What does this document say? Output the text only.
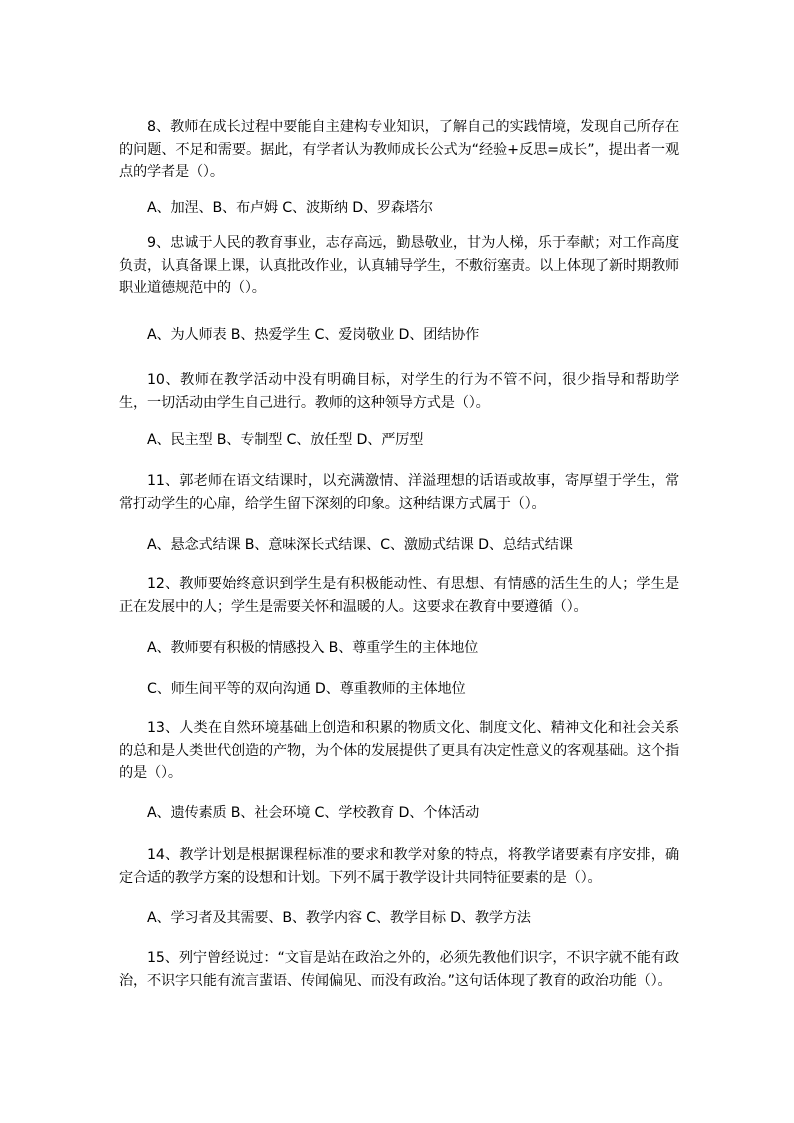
8、教师在成长过程中要能自主建构专业知识，了解自己的实践情境，发现自己所存在的问题、不足和需要。据此，有学者认为教师成长公式为“经验+反思=成长”，提出者一观点的学者是（）。

A、加涅、B、布卢姆 C、波斯纳 D、罗森塔尔

9、忠诚于人民的教育事业，志存高远，勤恳敬业，甘为人梯，乐于奉献；对工作高度负责，认真备课上课，认真批改作业，认真辅导学生，不敷衍塞责。以上体现了新时期教师职业道德规范中的（）。

A、为人师表 B、热爱学生 C、爱岗敬业 D、团结协作

10、教师在教学活动中没有明确目标，对学生的行为不管不问，很少指导和帮助学生，一切活动由学生自己进行。教师的这种领导方式是（）。

A、民主型 B、专制型 C、放任型 D、严厉型

11、郭老师在语文结课时，以充满激情、洋溢理想的话语或故事，寄厚望于学生，常常打动学生的心扉，给学生留下深刻的印象。这种结课方式属于（）。

A、悬念式结课 B、意味深长式结课、C、激励式结课 D、总结式结课

12、教师要始终意识到学生是有积极能动性、有思想、有情感的活生生的人；学生是正在发展中的人；学生是需要关怀和温暖的人。这要求在教育中要遵循（）。

A、教师要有积极的情感投入 B、尊重学生的主体地位

C、师生间平等的双向沟通 D、尊重教师的主体地位

13、人类在自然环境基础上创造和积累的物质文化、制度文化、精神文化和社会关系的总和是人类世代创造的产物，为个体的发展提供了更具有决定性意义的客观基础。这个指的是（）。

A、遗传素质 B、社会环境 C、学校教育 D、个体活动

14、教学计划是根据课程标准的要求和教学对象的特点，将教学诸要素有序安排，确定合适的教学方案的设想和计划。下列不属于教学设计共同特征要素的是（）。

A、学习者及其需要、B、教学内容 C、教学目标 D、教学方法

15、列宁曾经说过：“文盲是站在政治之外的，必须先教他们识字，不识字就不能有政治，不识字只能有流言蜚语、传闻偏见、而没有政治。”这句话体现了教育的政治功能（）。
